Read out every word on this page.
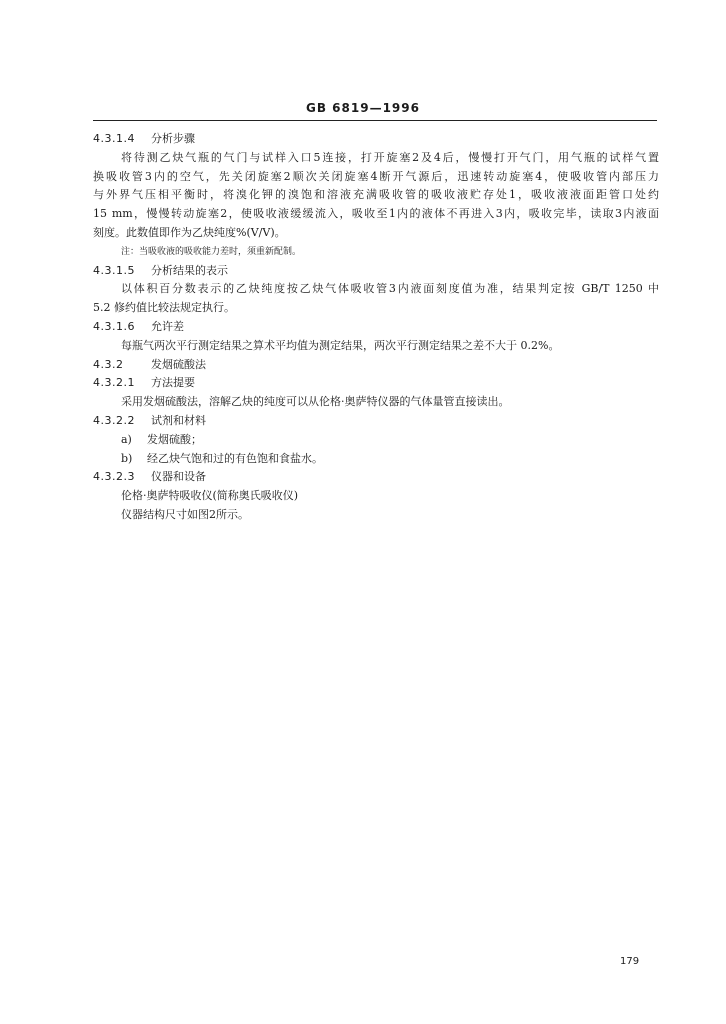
GB 6819—1996
4.3.1.4 分析步骤
将待测乙炔气瓶的气门与试样入口5连接，打开旋塞2及4后，慢慢打开气门，用气瓶的试样气置
换吸收管3内的空气，先关闭旋塞2顺次关闭旋塞4断开气源后，迅速转动旋塞4，使吸收管内部压力
与外界气压相平衡时，将溴化钾的溴饱和溶液充满吸收管的吸收液贮存处1，吸收液液面距管口处约
15 mm，慢慢转动旋塞2，使吸收液缓缓流入，吸收至1内的液体不再进入3内，吸收完毕，读取3内液面
刻度。此数值即作为乙炔纯度%(V/V)。
注：当吸收液的吸收能力差时，须重新配制。
4.3.1.5 分析结果的表示
以体积百分数表示的乙炔纯度按乙炔气体吸收管3内液面刻度值为准，结果判定按 GB/T 1250 中
5.2 修约值比较法规定执行。
4.3.1.6 允许差
每瓶气两次平行测定结果之算术平均值为测定结果，两次平行测定结果之差不大于 0.2%。
4.3.2	发烟硫酸法
4.3.2.1 方法提要
采用发烟硫酸法，溶解乙炔的纯度可以从伦格·奥萨特仪器的气体量管直接读出。
4.3.2.2 试剂和材料
a) 发烟硫酸；
b) 经乙炔气饱和过的有色饱和食盐水。
4.3.2.3 仪器和设备
伦格·奥萨特吸收仪(简称奥氏吸收仪)
仪器结构尺寸如图2所示。
179
